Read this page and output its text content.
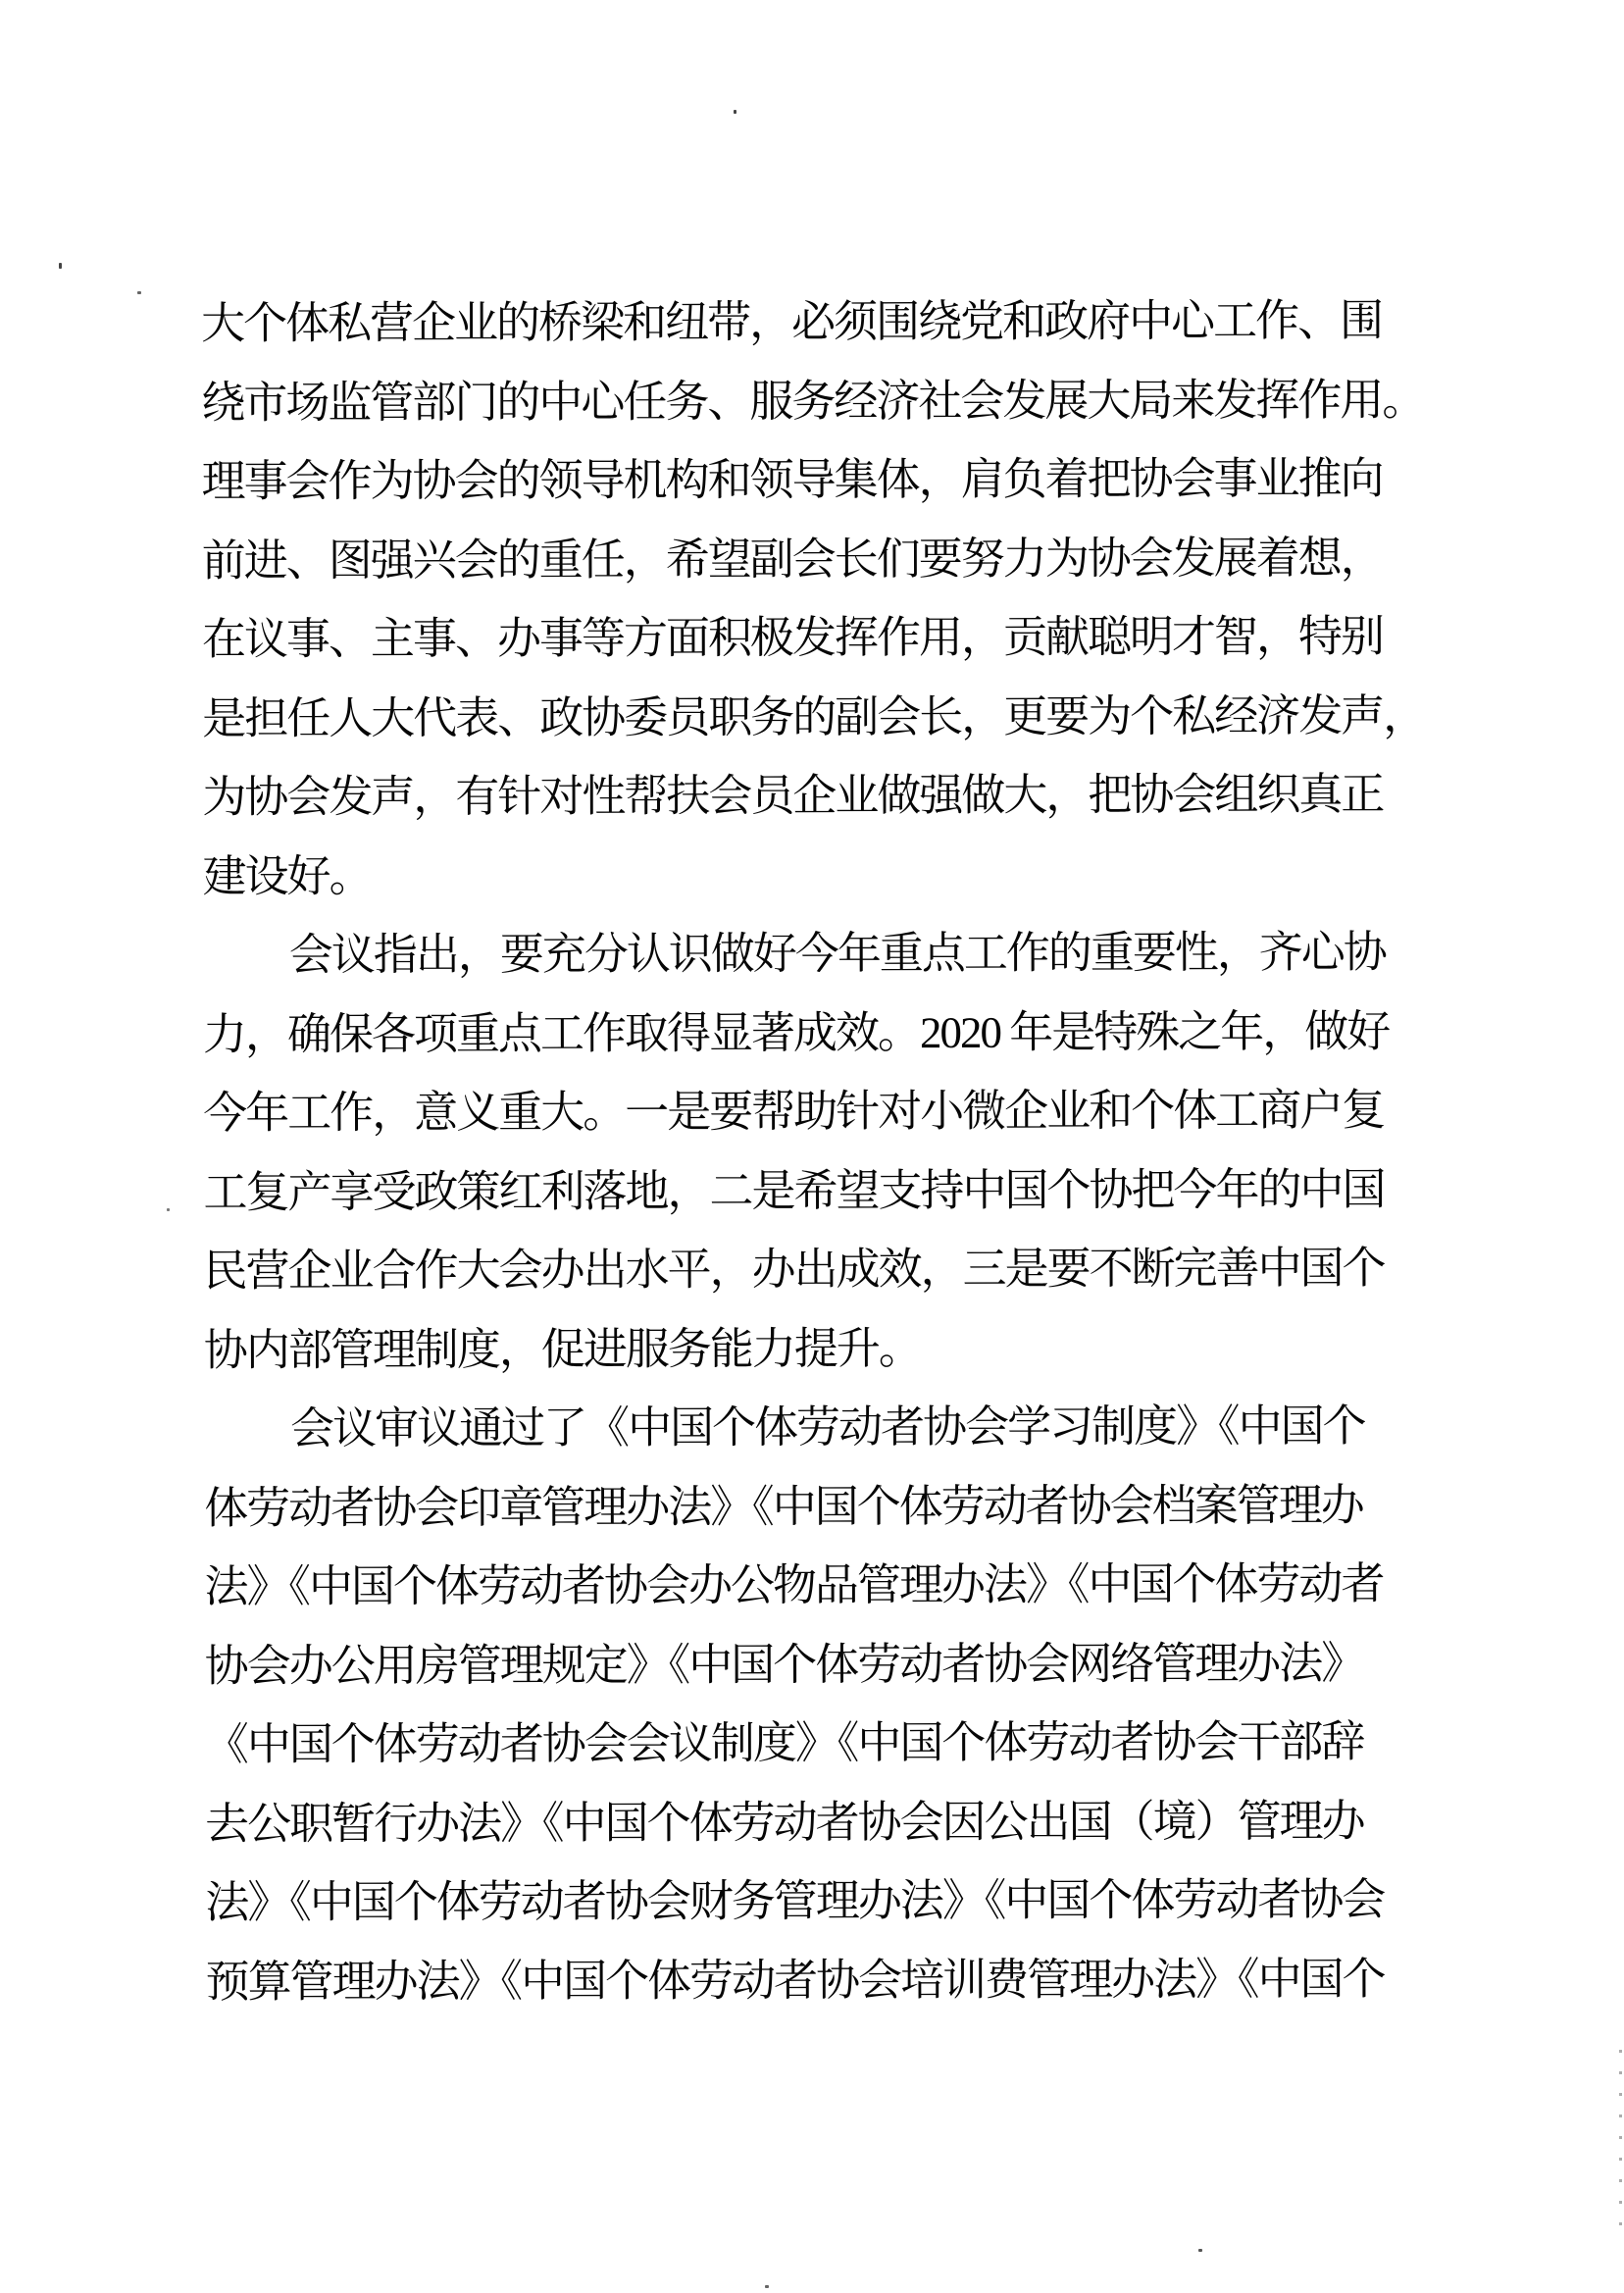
大个体私营企业的桥梁和纽带，必须围绕党和政府中心工作、围
绕市场监管部门的中心任务、服务经济社会发展大局来发挥作用。
理事会作为协会的领导机构和领导集体，肩负着把协会事业推向
前进、图强兴会的重任，希望副会长们要努力为协会发展着想，
在议事、主事、办事等方面积极发挥作用，贡献聪明才智，特别
是担任人大代表、政协委员职务的副会长，更要为个私经济发声，
为协会发声，有针对性帮扶会员企业做强做大，把协会组织真正
建设好。
会议指出，要充分认识做好今年重点工作的重要性，齐心协
力，确保各项重点工作取得显著成效。2020 年是特殊之年，做好
今年工作，意义重大。一是要帮助针对小微企业和个体工商户复
工复产享受政策红利落地，二是希望支持中国个协把今年的中国
民营企业合作大会办出水平，办出成效，三是要不断完善中国个
协内部管理制度，促进服务能力提升。
会议审议通过了《中国个体劳动者协会学习制度》《中国个
体劳动者协会印章管理办法》《中国个体劳动者协会档案管理办
法》《中国个体劳动者协会办公物品管理办法》《中国个体劳动者
协会办公用房管理规定》《中国个体劳动者协会网络管理办法》
《中国个体劳动者协会会议制度》《中国个体劳动者协会干部辞
去公职暂行办法》《中国个体劳动者协会因公出国（境）管理办
法》《中国个体劳动者协会财务管理办法》《中国个体劳动者协会
预算管理办法》《中国个体劳动者协会培训费管理办法》《中国个
